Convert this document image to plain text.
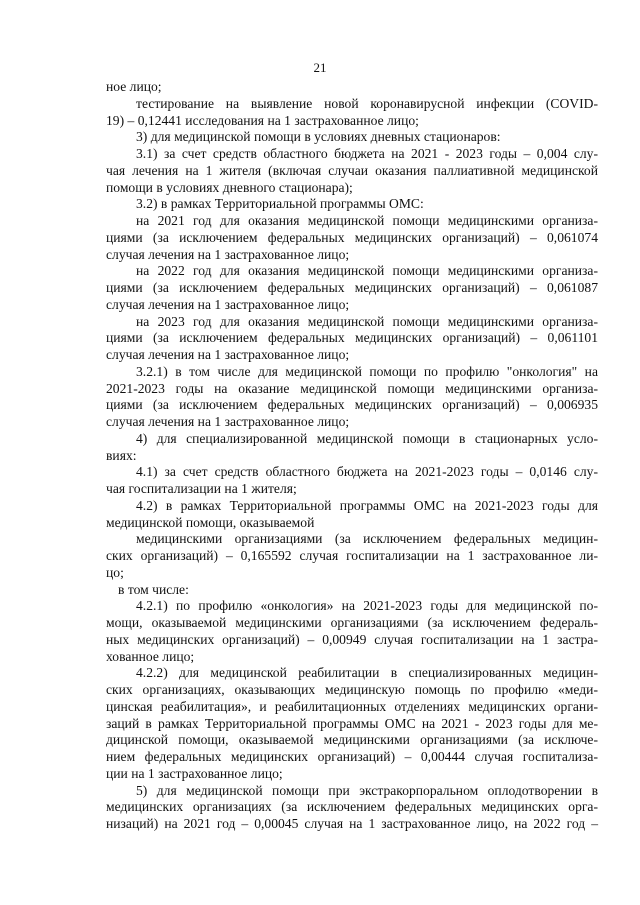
21
ное лицо;
тестирование на выявление новой коронавирусной инфекции (COVID-
19) – 0,12441 исследования на 1 застрахованное лицо;
3) для медицинской помощи в условиях дневных стационаров:
3.1) за счет средств областного бюджета на 2021 - 2023 годы – 0,004 слу-
чая лечения на 1 жителя (включая случаи оказания паллиативной медицинской
помощи в условиях дневного стационара);
3.2) в рамках Территориальной программы ОМС:
на 2021 год для оказания медицинской помощи медицинскими организа-
циями (за исключением федеральных медицинских организаций) – 0,061074
случая лечения на 1 застрахованное лицо;
на 2022 год для оказания медицинской помощи медицинскими организа-
циями (за исключением федеральных медицинских организаций) – 0,061087
случая лечения на 1 застрахованное лицо;
на 2023 год для оказания медицинской помощи медицинскими организа-
циями (за исключением федеральных медицинских организаций) – 0,061101
случая лечения на 1 застрахованное лицо;
3.2.1) в том числе для медицинской помощи по профилю "онкология" на
2021-2023 годы на оказание медицинской помощи медицинскими организа-
циями (за исключением федеральных медицинских организаций) – 0,006935
случая лечения на 1 застрахованное лицо;
4) для специализированной медицинской помощи в стационарных усло-
виях:
4.1) за счет средств областного бюджета на 2021-2023 годы – 0,0146 слу-
чая госпитализации на 1 жителя;
4.2) в рамках Территориальной программы ОМС на 2021-2023 годы для
медицинской помощи, оказываемой
медицинскими организациями (за исключением федеральных медицин-
ских организаций) – 0,165592 случая госпитализации на 1 застрахованное ли-
цо;
в том числе:
4.2.1) по профилю «онкология» на 2021-2023 годы для медицинской по-
мощи, оказываемой медицинскими организациями (за исключением федераль-
ных медицинских организаций) – 0,00949 случая госпитализации на 1 застра-
хованное лицо;
4.2.2) для медицинской реабилитации в специализированных медицин-
ских организациях, оказывающих медицинскую помощь по профилю «меди-
цинская реабилитация», и реабилитационных отделениях медицинских органи-
заций в рамках Территориальной программы ОМС на 2021 - 2023 годы для ме-
дицинской помощи, оказываемой медицинскими организациями (за исключе-
нием федеральных медицинских организаций) – 0,00444 случая госпитализа-
ции на 1 застрахованное лицо;
5) для медицинской помощи при экстракорпоральном оплодотворении в
медицинских организациях (за исключением федеральных медицинских орга-
низаций) на 2021 год – 0,00045 случая на 1 застрахованное лицо, на 2022 год –
